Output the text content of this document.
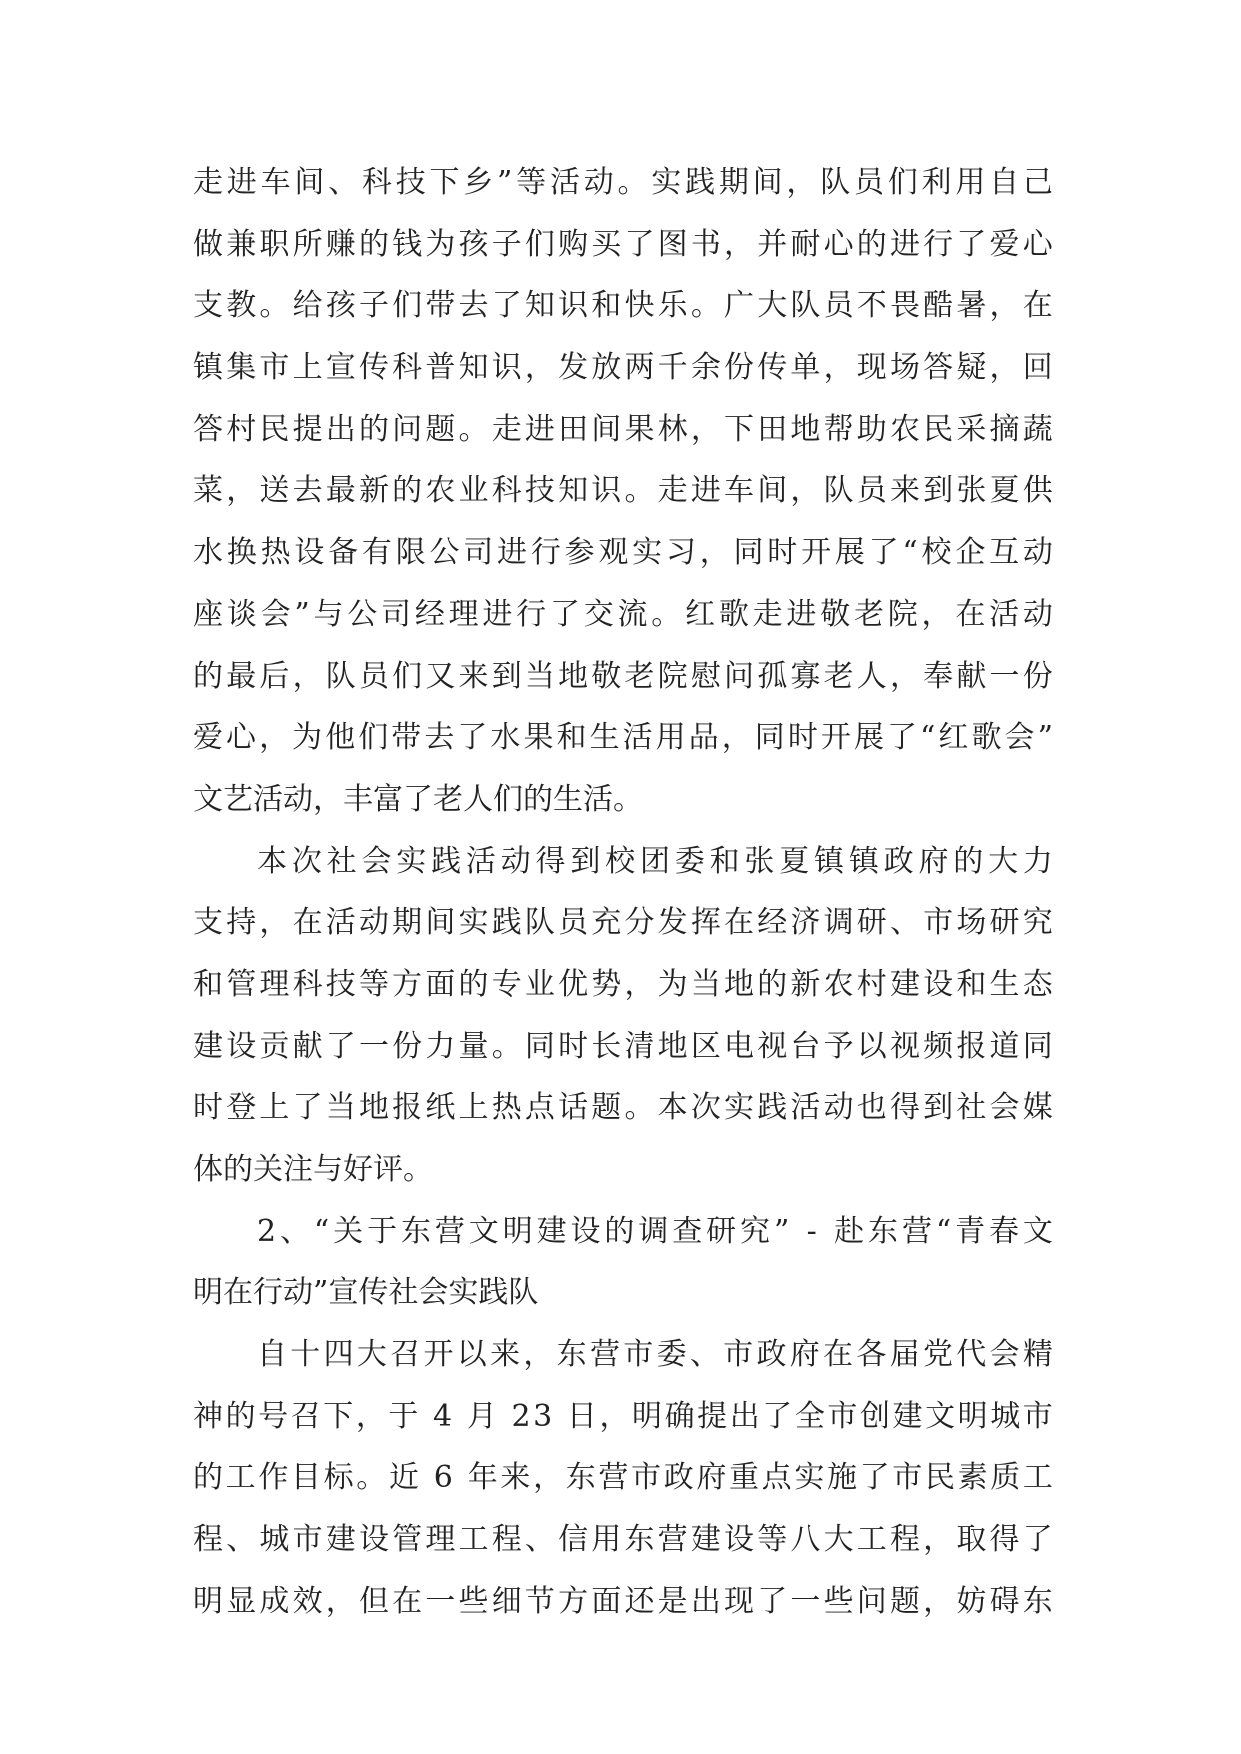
走 进 车 间 、 科 技 下 乡 ” 等 活 动 。 实 践 期 间 ， 队 员 们 利 用 自 己
做 兼 职 所 赚 的 钱 为 孩 子 们 购 买 了 图 书 ， 并 耐 心 的 进 行 了 爱 心
支 教 。 给 孩 子 们 带 去 了 知 识 和 快 乐 。 广 大 队 员 不 畏 酷 暑 ， 在
镇 集 市 上 宣 传 科 普 知 识 ， 发 放 两 千 余 份 传 单 ， 现 场 答 疑 ， 回
答 村 民 提 出 的 问 题 。 走 进 田 间 果 林 ， 下 田 地 帮 助 农 民 采 摘 蔬
菜 ， 送 去 最 新 的 农 业 科 技 知 识 。 走 进 车 间 ， 队 员 来 到 张 夏 供
水 换 热 设 备 有 限 公 司 进 行 参 观 实 习 ， 同 时 开 展 了 “ 校 企 互 动
座 谈 会 ” 与 公 司 经 理 进 行 了 交 流 。 红 歌 走 进 敬 老 院 ， 在 活 动
的 最 后 ， 队 员 们 又 来 到 当 地 敬 老 院 慰 问 孤 寡 老 人 ， 奉 献 一 份
爱 心 ， 为 他 们 带 去 了 水 果 和 生 活 用 品 ， 同 时 开 展 了 “ 红 歌 会 ”
文艺活动，丰富了老人们的生活。
本 次 社 会 实 践 活 动 得 到 校 团 委 和 张 夏 镇 镇 政 府 的 大 力
支 持 ， 在 活 动 期 间 实 践 队 员 充 分 发 挥 在 经 济 调 研 、 市 场 研 究
和 管 理 科 技 等 方 面 的 专 业 优 势 ， 为 当 地 的 新 农 村 建 设 和 生 态
建 设 贡 献 了 一 份 力 量 。 同 时 长 清 地 区 电 视 台 予 以 视 频 报 道 同
时 登 上 了 当 地 报 纸 上 热 点 话 题 。 本 次 实 践 活 动 也 得 到 社 会 媒
体的关注与好评。
2 、 “ 关 于 东 营 文 明 建 设 的 调 查 研 究 ”
-
赴 东 营 “ 青 春 文
明在行动”宣传社会实践队
自 十 四 大 召 开 以 来 ， 东 营 市 委 、 市 政 府 在 各 届 党 代 会 精
神 的 号 召 下 ， 于
4
月
2 3
日 ， 明 确 提 出 了 全 市 创 建 文 明 城 市
的 工 作 目 标 。 近
6
年 来 ， 东 营 市 政 府 重 点 实 施 了 市 民 素 质 工
程 、 城 市 建 设 管 理 工 程 、 信 用 东 营 建 设 等 八 大 工 程 ， 取 得 了
明 显 成 效 ， 但 在 一 些 细 节 方 面 还 是 出 现 了 一 些 问 题 ， 妨 碍 东
